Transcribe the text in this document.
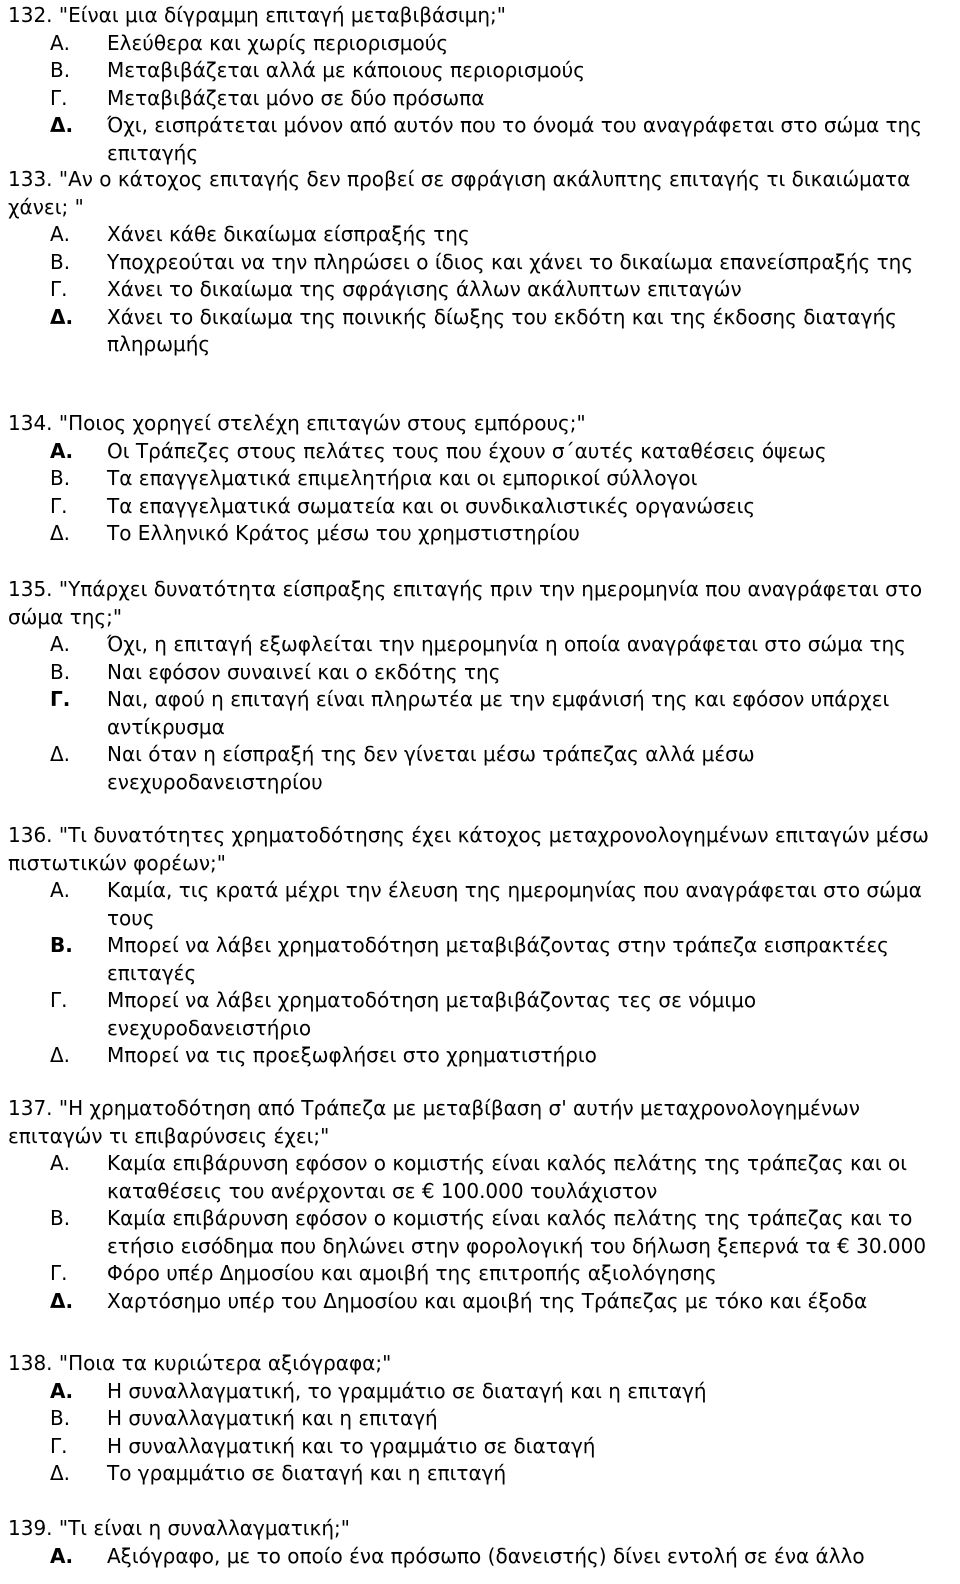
132. "Είναι μια δίγραμμη επιταγή μεταβιβάσιμη;"
Α. Ελεύθερα και χωρίς περιορισμούς
Β. Μεταβιβάζεται αλλά με κάποιους περιορισμούς
Γ. Μεταβιβάζεται μόνο σε δύο πρόσωπα
Δ. Όχι, εισπράτεται μόνον από αυτόν που το όνομά του αναγράφεται στο σώμα της επιταγής
133. "Αν ο κάτοχος επιταγής δεν προβεί σε σφράγιση ακάλυπτης επιταγής τι δικαιώματα χάνει; "
Α. Χάνει κάθε δικαίωμα είσπραξής της
Β. Υποχρεούται να την πληρώσει ο ίδιος και χάνει το δικαίωμα επανείσπραξής της
Γ. Χάνει το δικαίωμα της σφράγισης άλλων ακάλυπτων επιταγών
Δ. Χάνει το δικαίωμα της ποινικής δίωξης του εκδότη και της έκδοσης διαταγής πληρωμής
134. "Ποιος χορηγεί στελέχη επιταγών στους εμπόρους;"
Α. Οι Τράπεζες στους πελάτες τους που έχουν σ΄αυτές καταθέσεις όψεως
Β. Τα επαγγελματικά επιμελητήρια και οι εμπορικοί σύλλογοι
Γ. Τα επαγγελματικά σωματεία και οι συνδικαλιστικές οργανώσεις
Δ. Το Ελληνικό Κράτος μέσω του χρημστιστηρίου
135. "Υπάρχει δυνατότητα είσπραξης επιταγής πριν την ημερομηνία που αναγράφεται στο σώμα της;"
Α. Όχι, η επιταγή εξωφλείται την ημερομηνία η οποία αναγράφεται στο σώμα της
Β. Ναι εφόσον συναινεί και ο εκδότης της
Γ. Ναι, αφού η επιταγή είναι πληρωτέα με την εμφάνισή της και εφόσον υπάρχει αντίκρυσμα
Δ. Ναι όταν η είσπραξή της δεν γίνεται μέσω τράπεζας αλλά μέσω ενεχυροδανειστηρίου
136. "Τι δυνατότητες χρηματοδότησης έχει κάτοχος μεταχρονολογημένων επιταγών μέσω πιστωτικών φορέων;"
Α. Καμία, τις κρατά μέχρι την έλευση της ημερομηνίας που αναγράφεται στο σώμα τους
Β. Μπορεί να λάβει χρηματοδότηση μεταβιβάζοντας στην τράπεζα εισπρακτέες επιταγές
Γ. Μπορεί να λάβει χρηματοδότηση μεταβιβάζοντας τες σε νόμιμο ενεχυροδανειστήριο
Δ. Μπορεί να τις προεξωφλήσει στο χρηματιστήριο
137. "Η χρηματοδότηση από Τράπεζα με μεταβίβαση σ' αυτήν μεταχρονολογημένων επιταγών τι επιβαρύνσεις έχει;"
Α. Καμία επιβάρυνση εφόσον ο κομιστής είναι καλός πελάτης της τράπεζας και οι καταθέσεις του ανέρχονται σε € 100.000 τουλάχιστον
Β. Καμία επιβάρυνση εφόσον ο κομιστής είναι καλός πελάτης της τράπεζας και το ετήσιο εισόδημα που δηλώνει στην φορολογική του δήλωση ξεπερνά τα € 30.000
Γ. Φόρο υπέρ Δημοσίου και αμοιβή της επιτροπής αξιολόγησης
Δ. Χαρτόσημο υπέρ του Δημοσίου και αμοιβή της Τράπεζας με τόκο και έξοδα
138. "Ποια τα κυριώτερα αξιόγραφα;"
Α. Η συναλλαγματική, το γραμμάτιο σε διαταγή και η επιταγή
Β. Η συναλλαγματική και η επιταγή
Γ. Η συναλλαγματική και το γραμμάτιο σε διαταγή
Δ. Το γραμμάτιο σε διαταγή και η επιταγή
139. "Τι είναι η συναλλαγματική;"
Α. Αξιόγραφο, με το οποίο ένα πρόσωπο (δανειστής) δίνει εντολή σε ένα άλλο
